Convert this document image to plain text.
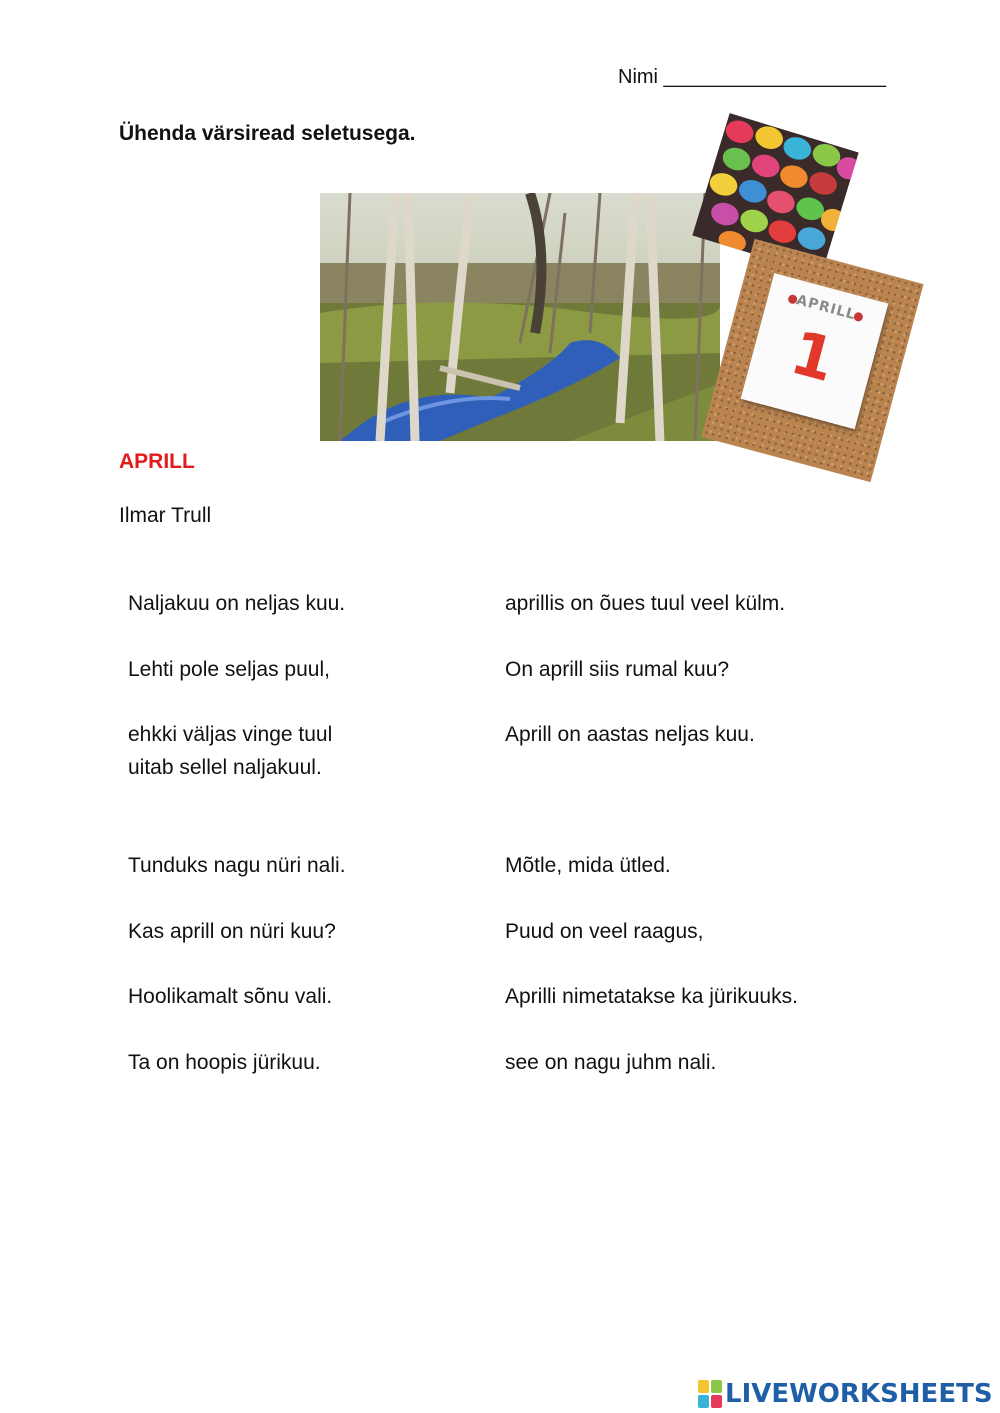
Nimi ____________________
Ühenda värsiread seletusega.
APRILL
1
APRILL
Ilmar Trull
Naljakuu on neljas kuu.
Lehti pole seljas puul,
ehkki väljas vinge tuul
uitab sellel naljakuul.
aprillis on õues tuul veel külm.
On aprill siis rumal kuu?
Aprill on aastas neljas kuu.
Tunduks nagu nüri nali.
Kas aprill on nüri kuu?
Hoolikamalt sõnu vali.
Ta on hoopis jürikuu.
Mõtle, mida ütled.
Puud on veel raagus,
Aprilli nimetatakse ka jürikuuks.
see on nagu juhm nali.
LIVEWORKSHEETS
